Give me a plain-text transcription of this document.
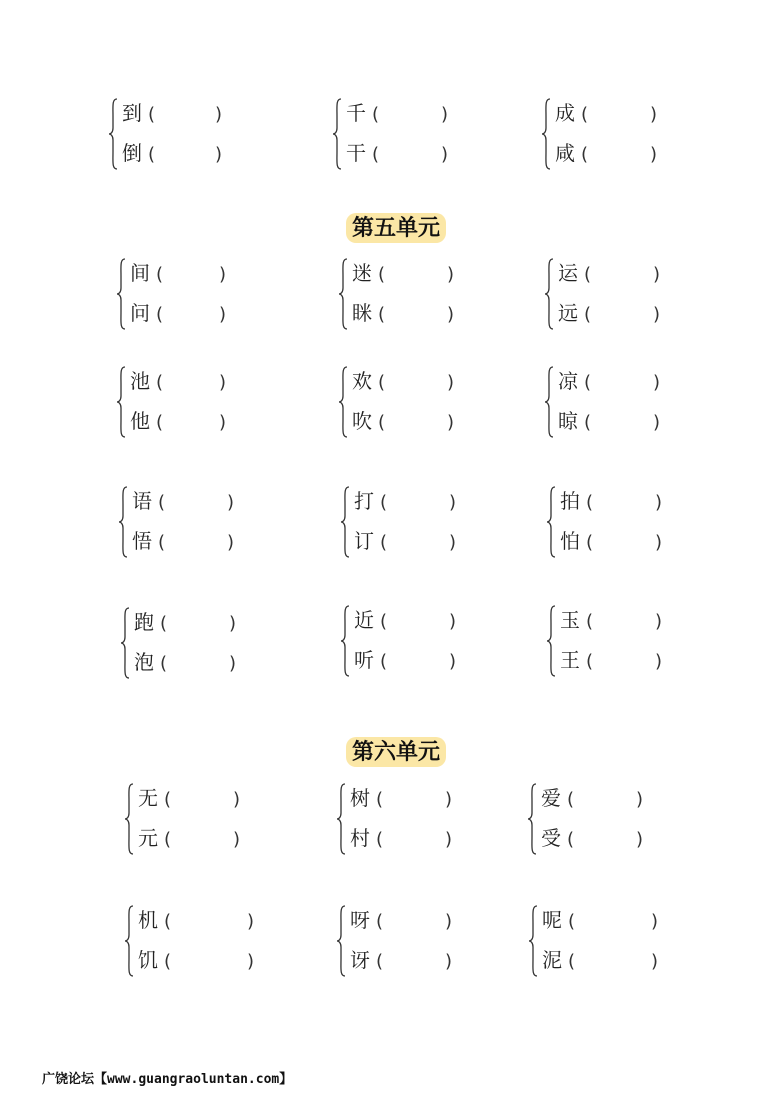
第五单元
第六单元
到 (	)
倒 (	)
千 (	)
干 (	)
成 (	)
咸 (	)
间 (	)
问 (	)
迷 (	)
眯 (	)
运 (	)
远 (	)
池 (	)
他 (	)
欢 (	)
吹 (	)
凉 (	)
晾 (	)
语 (	)
悟 (	)
打 (	)
订 (	)
拍 (	)
怕 (	)
跑 (	)
泡 (	)
近 (	)
听 (	)
玉 (	)
王 (	)
无 (	)
元 (	)
树 (	)
村 (	)
爱 (	)
受 (	)
机 (	)
饥 (	)
呀 (	)
讶 (	)
呢 (	)
泥 (	)
广饶论坛【www.guangraoluntan.com】
